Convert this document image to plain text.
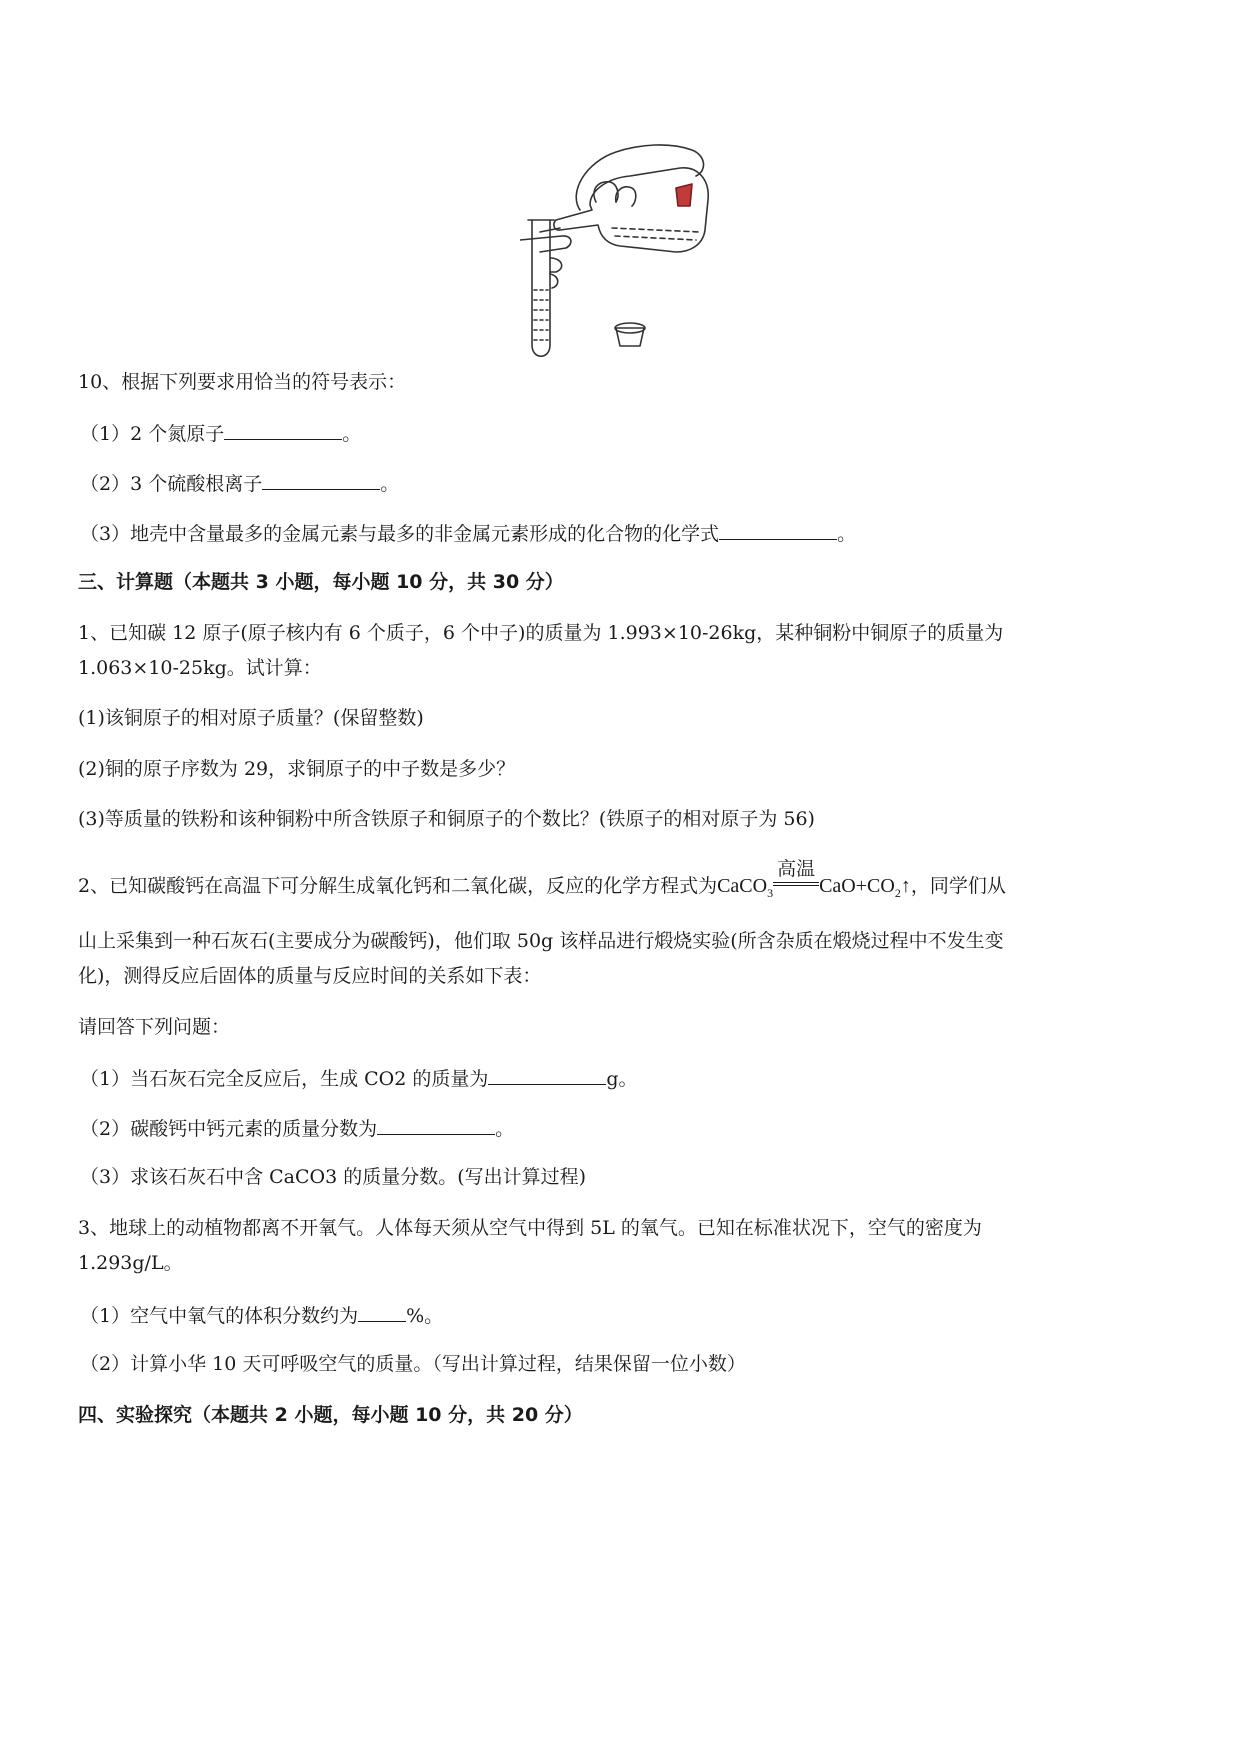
10、根据下列要求用恰当的符号表示：
（1）2 个氮原子	。
（2）3 个硫酸根离子	。
（3）地壳中含量最多的金属元素与最多的非金属元素形成的化合物的化学式	。
三、计算题（本题共 3 小题，每小题 10 分，共 30 分）
1、已知碳 12 原子(原子核内有 6 个质子，6 个中子)的质量为 1.993×10-26kg，某种铜粉中铜原子的质量为
1.063×10-25kg。试计算：
(1)该铜原子的相对原子质量？(保留整数)
(2)铜的原子序数为 29，求铜原子的中子数是多少？
(3)等质量的铁粉和该种铜粉中所含铁原子和铜原子的个数比？(铁原子的相对原子为 56)
2、已知碳酸钙在高温下可分解生成氧化钙和二氧化碳，反应的化学方程式为CaCO$_3$
高温
$CaO+CO_2↑$，同学们从
山上采集到一种石灰石(主要成分为碳酸钙)，他们取 50g 该样品进行煅烧实验(所含杂质在煅烧过程中不发生变
化)，测得反应后固体的质量与反应时间的关系如下表：
请回答下列问题：
（1）当石灰石完全反应后，生成 CO2 的质量为	g。
（2）碳酸钙中钙元素的质量分数为	。
（3）求该石灰石中含 CaCO3 的质量分数。(写出计算过程)
3、地球上的动植物都离不开氧气。人体每天须从空气中得到 5L 的氧气。已知在标准状况下，空气的密度为
1.293g/L。
（1）空气中氧气的体积分数约为	%。
（2）计算小华 10 天可呼吸空气的质量。（写出计算过程，结果保留一位小数）
四、实验探究（本题共 2 小题，每小题 10 分，共 20 分）
